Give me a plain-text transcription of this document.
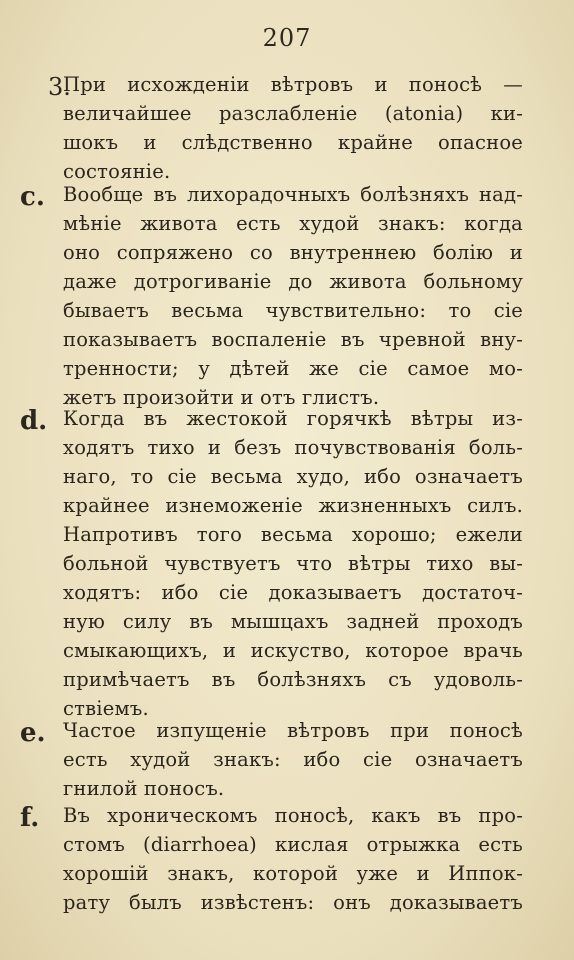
207
3.
При исхожденіи вѣтровъ и поносѣ —
величайшее разслабленіе (atonia) ки-
шокъ и слѣдственно крайне опасное
состояніе.
c. Вообще въ лихорадочныхъ болѣзняхъ над-
мѣніе живота есть худой знакъ: когда
оно сопряжено со внутреннею болію и
даже дотрогиваніе до живота больному
бываетъ весьма чувствительно: то сіе
показываетъ воспаленіе въ чревной вну-
тренности; у дѣтей же сіе самое мо-
жетъ произойти и отъ глистъ.
d. Когда въ жестокой горячкѣ вѣтры из-
ходятъ тихо и безъ почувствованія боль-
наго, то сіе весьма худо, ибо означаетъ
крайнее изнеможеніе жизненныхъ силъ.
Напротивъ того весьма хорошо; ежели
больной чувствуетъ что вѣтры тихо вы-
ходятъ: ибо сіе доказываетъ достаточ-
ную силу въ мышцахъ задней проходъ
смыкающихъ, и искуство, которое врачь
примѣчаетъ въ болѣзняхъ съ удоволь-
ствіемъ.
e. Частое изпущеніе вѣтровъ при поносѣ
есть худой знакъ: ибо сіе означаетъ
гнилой поносъ.
f. Въ хроническомъ поносѣ, какъ въ про-
стомъ (diarrhoea) кислая отрыжка есть
хорошій знакъ, которой уже и Иппок-
рату былъ извѣстенъ: онъ доказываетъ
